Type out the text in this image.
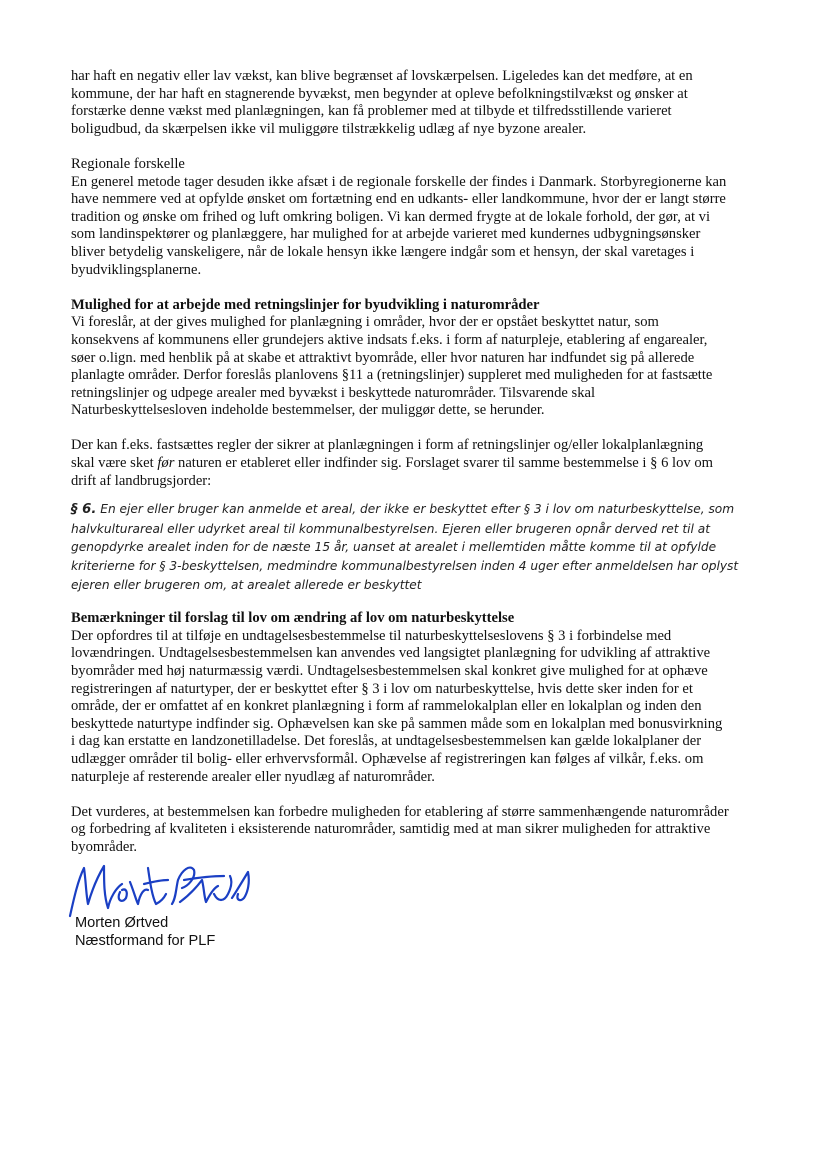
har haft en negativ eller lav vækst, kan blive begrænset af lovskærpelsen. Ligeledes kan det medføre, at en
kommune, der har haft en stagnerende byvækst, men begynder at opleve befolkningstilvækst og ønsker at
forstærke denne vækst med planlægningen, kan få problemer med at tilbyde et tilfredsstillende varieret
boligudbud, da skærpelsen ikke vil muliggøre tilstrækkelig udlæg af nye byzone arealer.
Regionale forskelle
En generel metode tager desuden ikke afsæt i de regionale forskelle der findes i Danmark. Storbyregionerne kan
have nemmere ved at opfylde ønsket om fortætning end en udkants- eller landkommune, hvor der er langt større
tradition og ønske om frihed og luft omkring boligen. Vi kan dermed frygte at de lokale forhold, der gør, at vi
som landinspektører og planlæggere, har mulighed for at arbejde varieret med kundernes udbygningsønsker
bliver betydelig vanskeligere, når de lokale hensyn ikke længere indgår som et hensyn, der skal varetages i
byudviklingsplanerne.
Mulighed for at arbejde med retningslinjer for byudvikling i naturområder
Vi foreslår, at der gives mulighed for planlægning i områder, hvor der er opstået beskyttet natur, som
konsekvens af kommunens eller grundejers aktive indsats f.eks. i form af naturpleje, etablering af engarealer,
søer o.lign. med henblik på at skabe et attraktivt byområde, eller hvor naturen har indfundet sig på allerede
planlagte områder. Derfor foreslås planlovens §11 a (retningslinjer) suppleret med muligheden for at fastsætte
retningslinjer og udpege arealer med byvækst i beskyttede naturområder. Tilsvarende skal
Naturbeskyttelsesloven indeholde bestemmelser, der muliggør dette, se herunder.
Der kan f.eks. fastsættes regler der sikrer at planlægningen i form af retningslinjer og/eller lokalplanlægning
skal være sket før naturen er etableret eller indfinder sig. Forslaget svarer til samme bestemmelse i § 6 lov om
drift af landbrugsjorder:
§ 6. En ejer eller bruger kan anmelde et areal, der ikke er beskyttet efter § 3 i lov om naturbeskyttelse, som
halvkulturareal eller udyrket areal til kommunalbestyrelsen. Ejeren eller brugeren opnår derved ret til at
genopdyrke arealet inden for de næste 15 år, uanset at arealet i mellemtiden måtte komme til at opfylde
kriterierne for § 3-beskyttelsen, medmindre kommunalbestyrelsen inden 4 uger efter anmeldelsen har oplyst
ejeren eller brugeren om, at arealet allerede er beskyttet
Bemærkninger til forslag til lov om ændring af lov om naturbeskyttelse
Der opfordres til at tilføje en undtagelsesbestemmelse til naturbeskyttelseslovens § 3 i forbindelse med
lovændringen. Undtagelsesbestemmelsen kan anvendes ved langsigtet planlægning for udvikling af attraktive
byområder med høj naturmæssig værdi. Undtagelsesbestemmelsen skal konkret give mulighed for at ophæve
registreringen af naturtyper, der er beskyttet efter § 3 i lov om naturbeskyttelse, hvis dette sker inden for et
område, der er omfattet af en konkret planlægning i form af rammelokalplan eller en lokalplan og inden den
beskyttede naturtype indfinder sig. Ophævelsen kan ske på sammen måde som en lokalplan med bonusvirkning
i dag kan erstatte en landzonetilladelse. Det foreslås, at undtagelsesbestemmelsen kan gælde lokalplaner der
udlægger områder til bolig- eller erhvervsformål. Ophævelse af registreringen kan følges af vilkår, f.eks. om
naturpleje af resterende arealer eller nyudlæg af naturområder.
Det vurderes, at bestemmelsen kan forbedre muligheden for etablering af større sammenhængende naturområder
og forbedring af kvaliteten i eksisterende naturområder, samtidig med at man sikrer muligheden for attraktive
byområder.
Morten Ørtved
Næstformand for PLF
